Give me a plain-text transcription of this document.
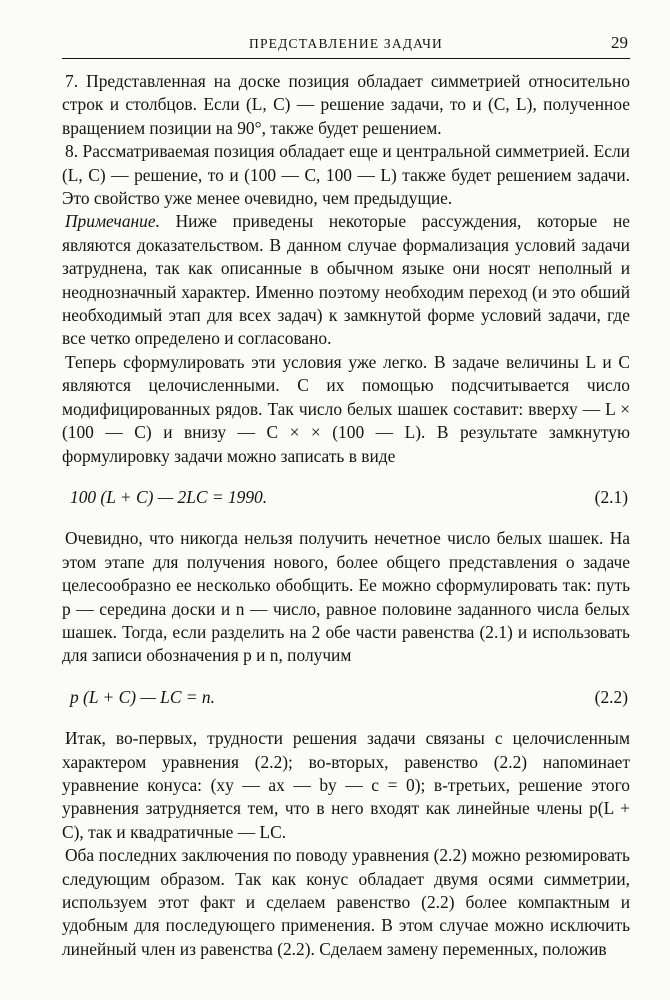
ПРЕДСТАВЛЕНИЕ ЗАДАЧИ	29

7. Представленная на доске позиция обладает симметрией относительно строк и столбцов. Если (L, C) — решение задачи, то и (C, L), полученное вращением позиции на 90°, также будет решением.

8. Рассматриваемая позиция обладает еще и центральной симметрией. Если (L, C) — решение, то и (100 — C, 100 — L) также будет решением задачи. Это свойство уже менее очевидно, чем предыдущие.

Примечание. Ниже приведены некоторые рассуждения, которые не являются доказательством. В данном случае формализация условий задачи затруднена, так как описанные в обычном языке они носят неполный и неоднозначный характер. Именно поэтому необходим переход (и это обший необходимый этап для всех задач) к замкнутой форме условий задачи, где все четко определено и согласовано.

Теперь сформулировать эти условия уже легко. В задаче величины L и C являются целочисленными. С их помощью подсчитывается число модифицированных рядов. Так число белых шашек составит: вверху — L × (100 — C) и внизу — C × × (100 — L). В результате замкнутую формулировку задачи можно записать в виде

100 (L + C) — 2LC = 1990.	(2.1)

Очевидно, что никогда нельзя получить нечетное число белых шашек. На этом этапе для получения нового, более общего представления о задаче целесообразно ее несколько обобщить. Ее можно сформулировать так: путь p — середина доски и n — число, равное половине заданного числа белых шашек. Тогда, если разделить на 2 обе части равенства (2.1) и использовать для записи обозначения p и n, получим

p (L + C) — LC = n.	(2.2)

Итак, во-первых, трудности решения задачи связаны с целочисленным характером уравнения (2.2); во-вторых, равенство (2.2) напоминает уравнение конуса: (xy — ax — by — c = 0); в-третьих, решение этого уравнения затрудняется тем, что в него входят как линейные члены p(L + C), так и квадратичные — LC.

Оба последних заключения по поводу уравнения (2.2) можно резюмировать следующим образом. Так как конус обладает двумя осями симметрии, используем этот факт и сделаем равенство (2.2) более компактным и удобным для последующего применения. В этом случае можно исключить линейный член из равенства (2.2). Сделаем замену переменных, положив
